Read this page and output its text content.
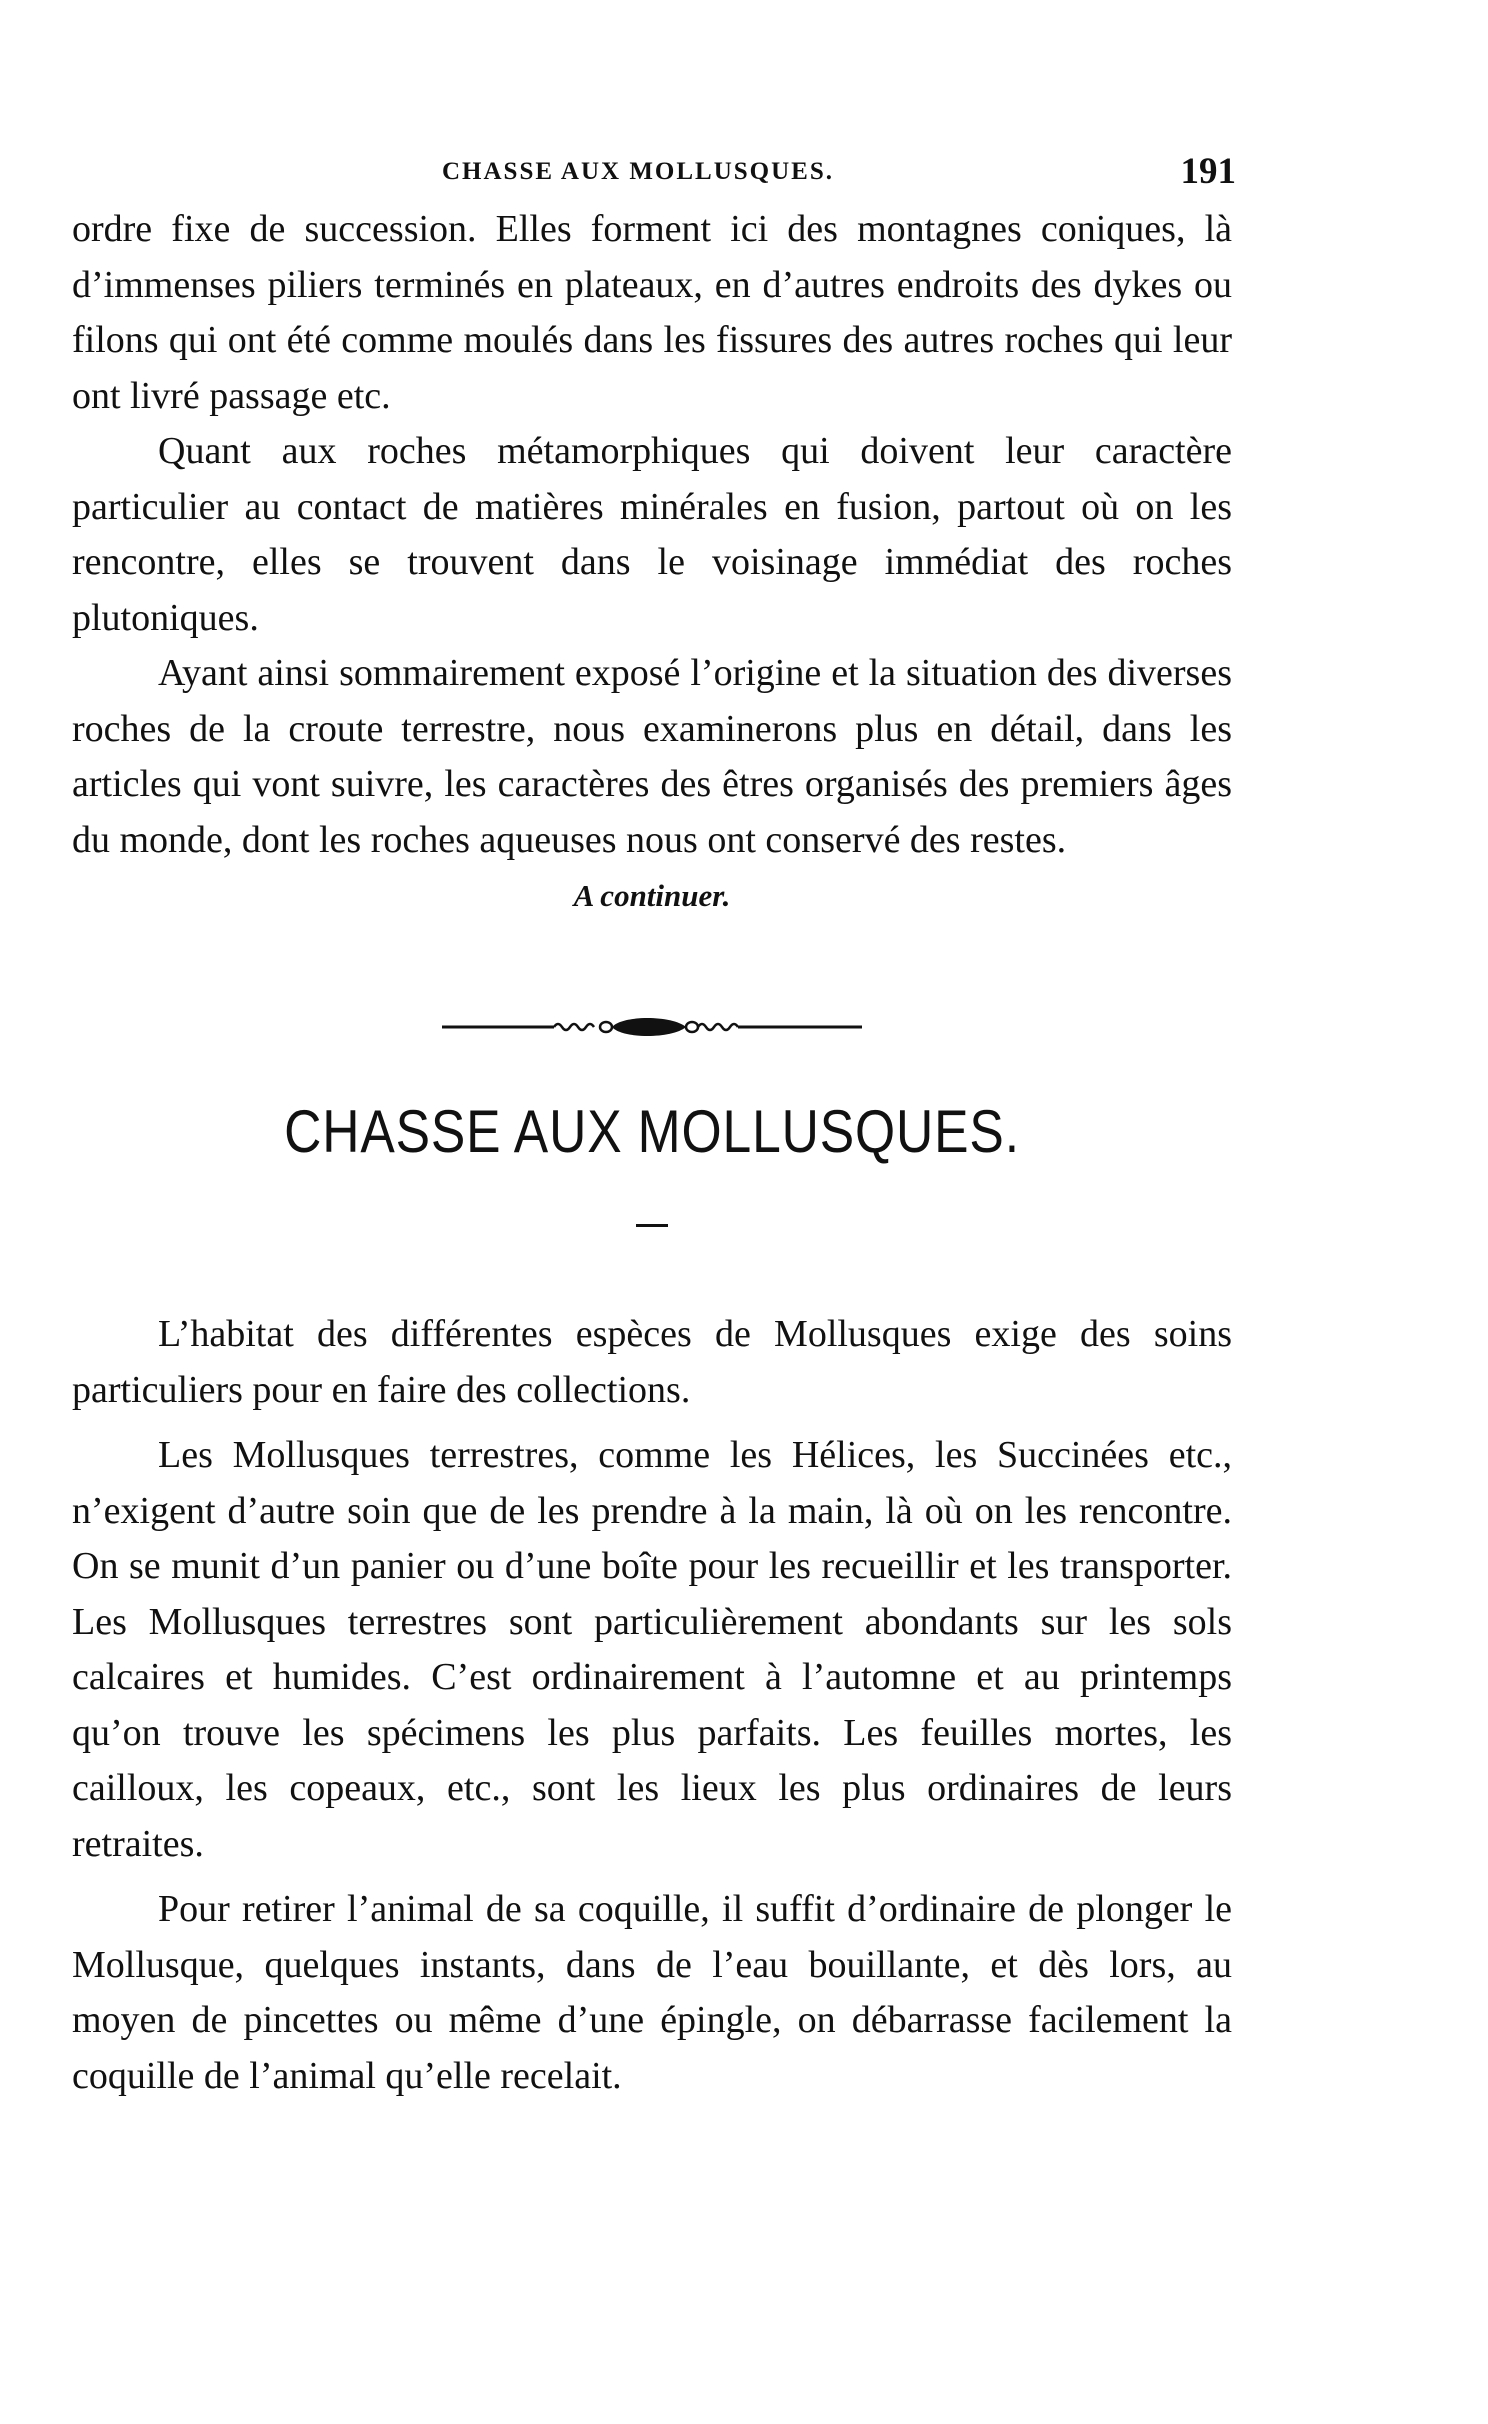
CHASSE AUX MOLLUSQUES.	191

ordre fixe de succession. Elles forment ici des montagnes coniques, là d’immenses piliers terminés en plateaux, en d’autres endroits des dykes ou filons qui ont été comme moulés dans les fissures des autres roches qui leur ont livré passage etc.

Quant aux roches métamorphiques qui doivent leur caractère particulier au contact de matières minérales en fusion, partout où on les rencontre, elles se trouvent dans le voisinage immédiat des roches plutoniques.

Ayant ainsi sommairement exposé l’origine et la situation des diverses roches de la croute terrestre, nous examinerons plus en détail, dans les articles qui vont suivre, les caractères des êtres organisés des premiers âges du monde, dont les roches aqueuses nous ont conservé des restes.

A continuer.
CHASSE AUX MOLLUSQUES.

L’habitat des différentes espèces de Mollusques exige des soins particuliers pour en faire des collections.

Les Mollusques terrestres, comme les Hélices, les Succinées etc., n’exigent d’autre soin que de les prendre à la main, là où on les rencontre. On se munit d’un panier ou d’une boîte pour les recueillir et les transporter. Les Mollusques terrestres sont particulièrement abondants sur les sols calcaires et humides. C’est ordinairement à l’automne et au printemps qu’on trouve les spécimens les plus parfaits. Les feuilles mortes, les cailloux, les copeaux, etc., sont les lieux les plus ordinaires de leurs retraites.

Pour retirer l’animal de sa coquille, il suffit d’ordinaire de plonger le Mollusque, quelques instants, dans de l’eau bouillante, et dès lors, au moyen de pincettes ou même d’une épingle, on débarrasse facilement la coquille de l’animal qu’elle recelait.
